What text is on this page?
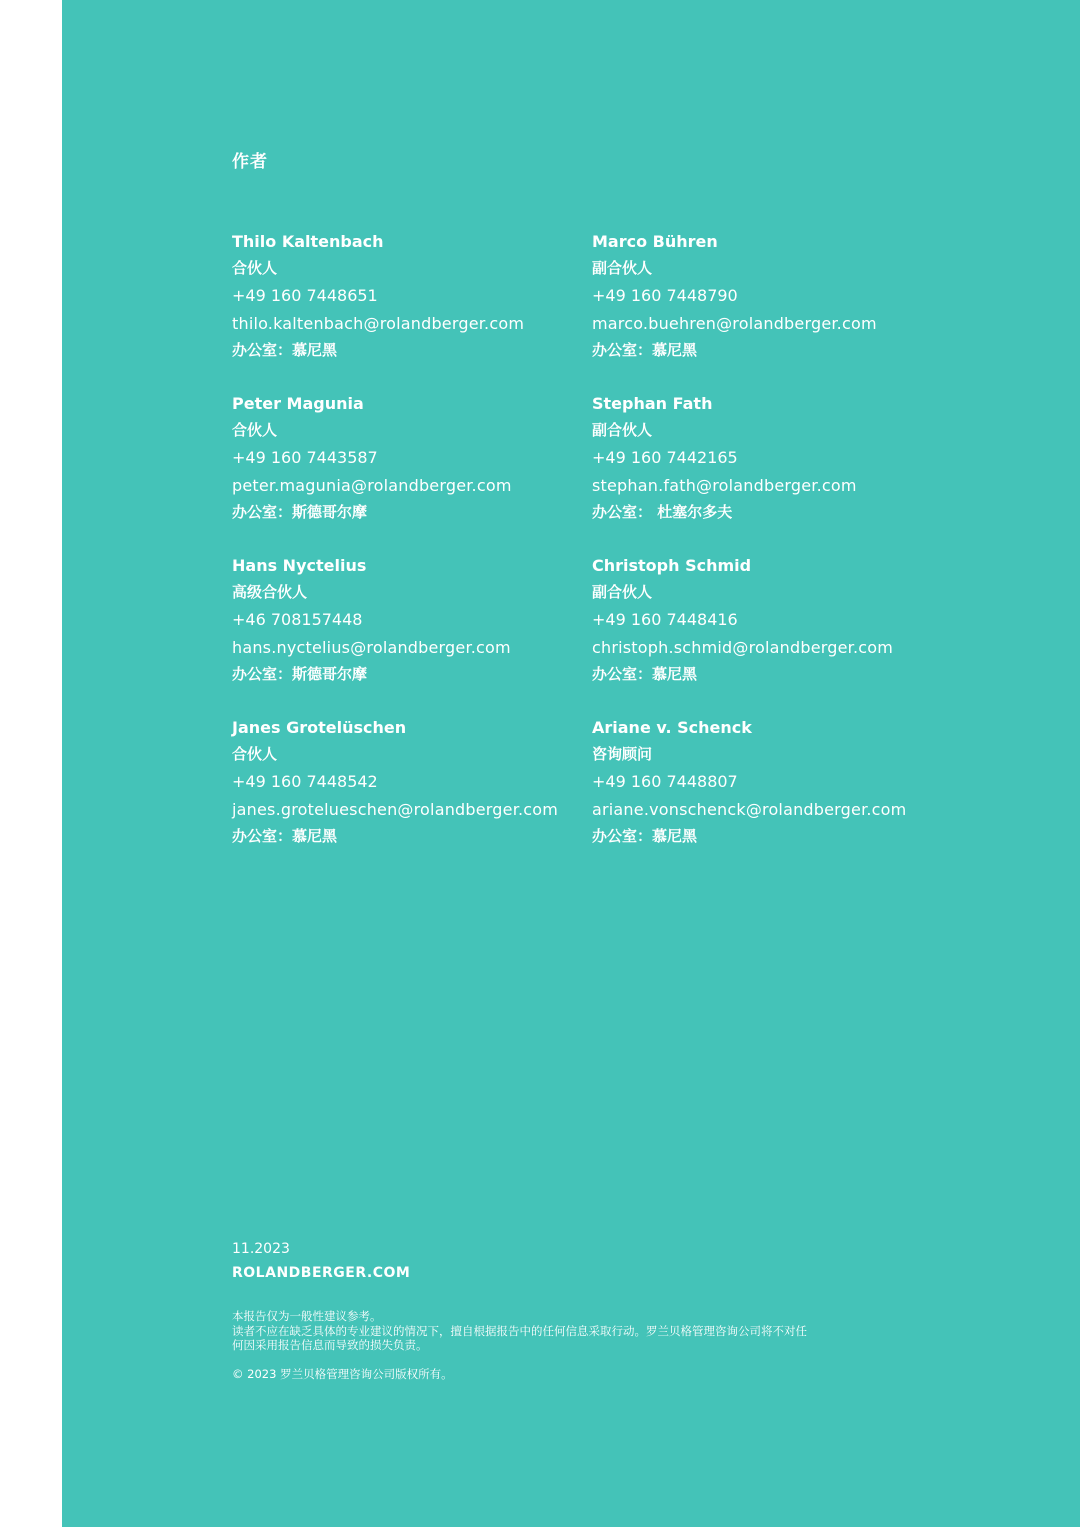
作者
Thilo Kaltenbach
合伙人
+49 160 7448651
thilo.kaltenbach@rolandberger.com
办公室：慕尼黑
Marco Bühren
副合伙人
+49 160 7448790
marco.buehren@rolandberger.com
办公室：慕尼黑
Peter Magunia
合伙人
+49 160 7443587
peter.magunia@rolandberger.com
办公室：斯德哥尔摩
Stephan Fath
副合伙人
+49 160 7442165
stephan.fath@rolandberger.com
办公室： 杜塞尔多夫
Hans Nyctelius
高级合伙人
+46 708157448
hans.nyctelius@rolandberger.com
办公室：斯德哥尔摩
Christoph Schmid
副合伙人
+49 160 7448416
christoph.schmid@rolandberger.com
办公室：慕尼黑
Janes Grotelüschen
合伙人
+49 160 7448542
janes.grotelueschen@rolandberger.com
办公室：慕尼黑
Ariane v. Schenck
咨询顾问
+49 160 7448807
ariane.vonschenck@rolandberger.com
办公室：慕尼黑
11.2023
ROLANDBERGER.COM
本报告仅为一般性建议参考。
读者不应在缺乏具体的专业建议的情况下，擅自根据报告中的任何信息采取行动。罗兰贝格管理咨询公司将不对任
何因采用报告信息而导致的损失负责。
© 2023 罗兰贝格管理咨询公司版权所有。
